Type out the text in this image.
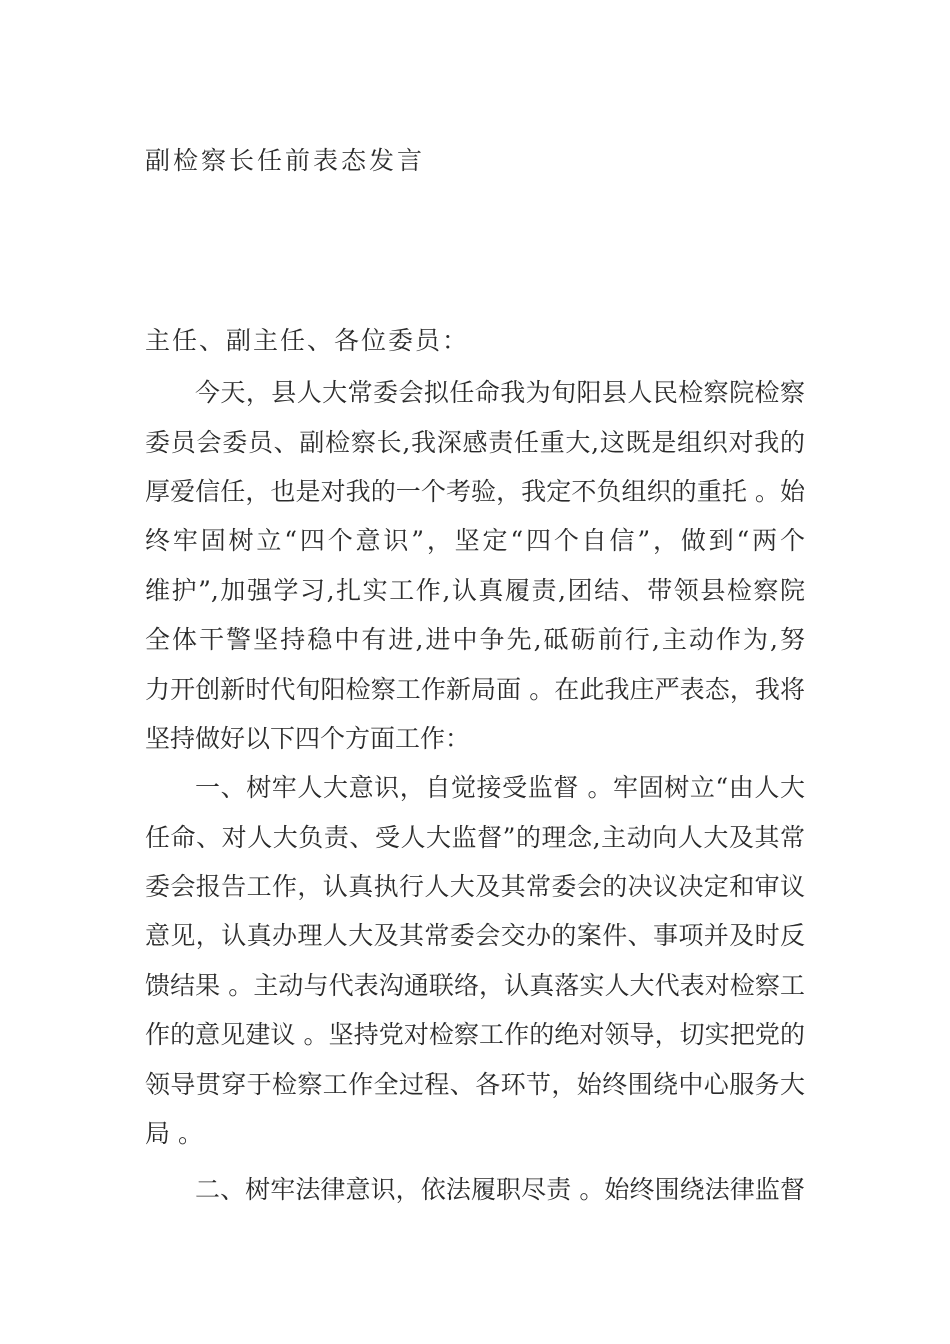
副检察长任前表态发言
主任、副主任、各位委员：
今天，县人大常委会拟任命我为旬阳县人民检察院检察
委员会委员、副检察长,我深感责任重大,这既是组织对我的
厚爱信任，也是对我的一个考验，我定不负组织的重托 。始
终牢固树立“四个意识”，坚定“四个自信”，做到“两个
维护”,加强学习,扎实工作,认真履责,团结、带领县检察院
全体干警坚持稳中有进,进中争先,砥砺前行,主动作为,努
力开创新时代旬阳检察工作新局面 。在此我庄严表态，我将
坚持做好以下四个方面工作：
一、树牢人大意识，自觉接受监督 。牢固树立“由人大
任命、对人大负责、受人大监督”的理念,主动向人大及其常
委会报告工作，认真执行人大及其常委会的决议决定和审议
意见，认真办理人大及其常委会交办的案件、事项并及时反
馈结果 。主动与代表沟通联络，认真落实人大代表对检察工
作的意见建议 。坚持党对检察工作的绝对领导，切实把党的
领导贯穿于检察工作全过程、各环节，始终围绕中心服务大
局 。
二、树牢法律意识，依法履职尽责 。始终围绕法律监督
